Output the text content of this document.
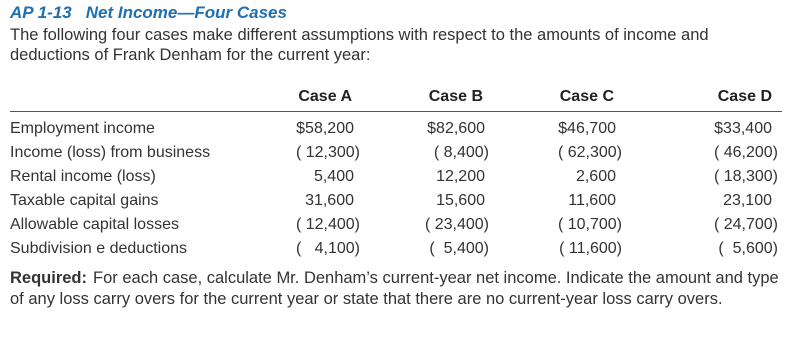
AP 1-13 Net Income—Four Cases
The following four cases make different assumptions with respect to the amounts of income and deductions of Frank Denham for the current year:
	Case A	Case B	Case C	Case D
Employment income	$58,200	$82,600	$46,700	$33,400
Income (loss) from business	( 12,300)	( 8,400)	( 62,300)	( 46,200)
Rental income (loss)	5,400	12,200	2,600	( 18,300)
Taxable capital gains	31,600	15,600	11,600	23,100
Allowable capital losses	( 12,400)	( 23,400)	( 10,700)	( 24,700)
Subdivision e deductions	(   4,100)	(  5,400)	( 11,600)	(  5,600)
Required: For each case, calculate Mr. Denham’s current-year net income. Indicate the amount and type of any loss carry overs for the current year or state that there are no current-year loss carry overs.
